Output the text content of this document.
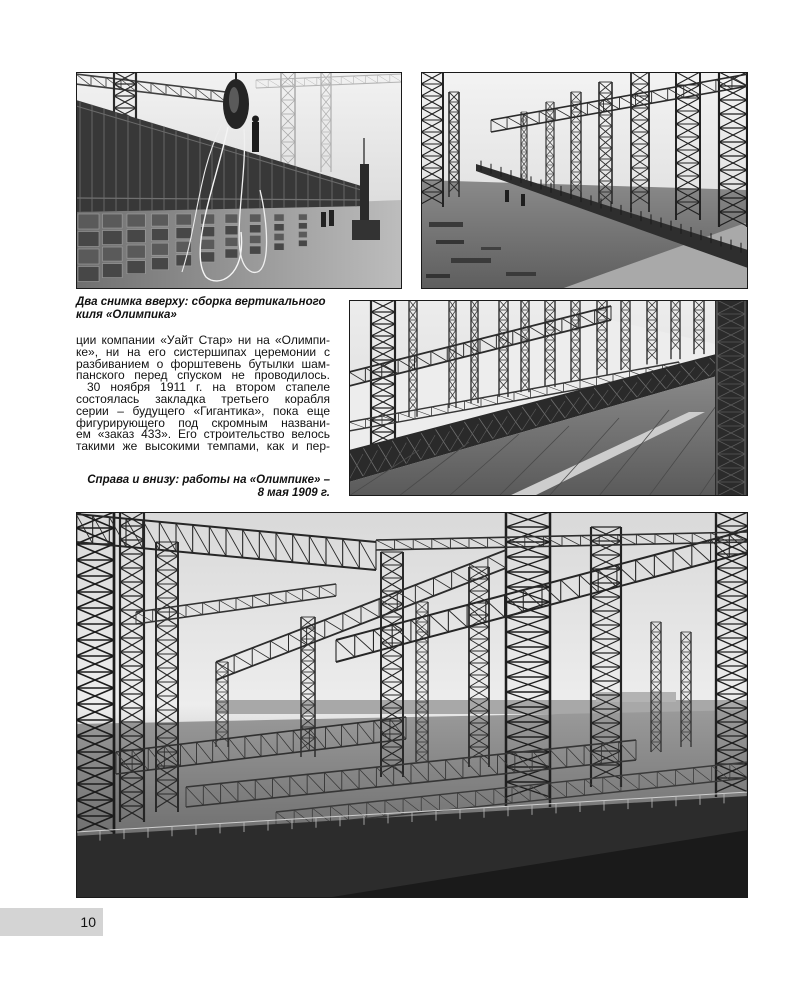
Два снимка вверху: сборка вертикального
киля «Олимпика»
ции компании «Уайт Стар» ни на «Олимпи-
ке», ни на его систершипах церемонии с
разбиванием о форштевень бутылки шам-
панского перед спуском не проводилось.
30 ноября 1911 г. на втором стапеле
состоялась закладка третьего корабля
серии – будущего «Гигантика», пока еще
фигурирующего под скромным названи-
ем «заказ 433». Его строительство велось
такими же высокими темпами, как и пер-
Справа и внизу: работы на «Олимпике» –
8 мая 1909 г.
10
